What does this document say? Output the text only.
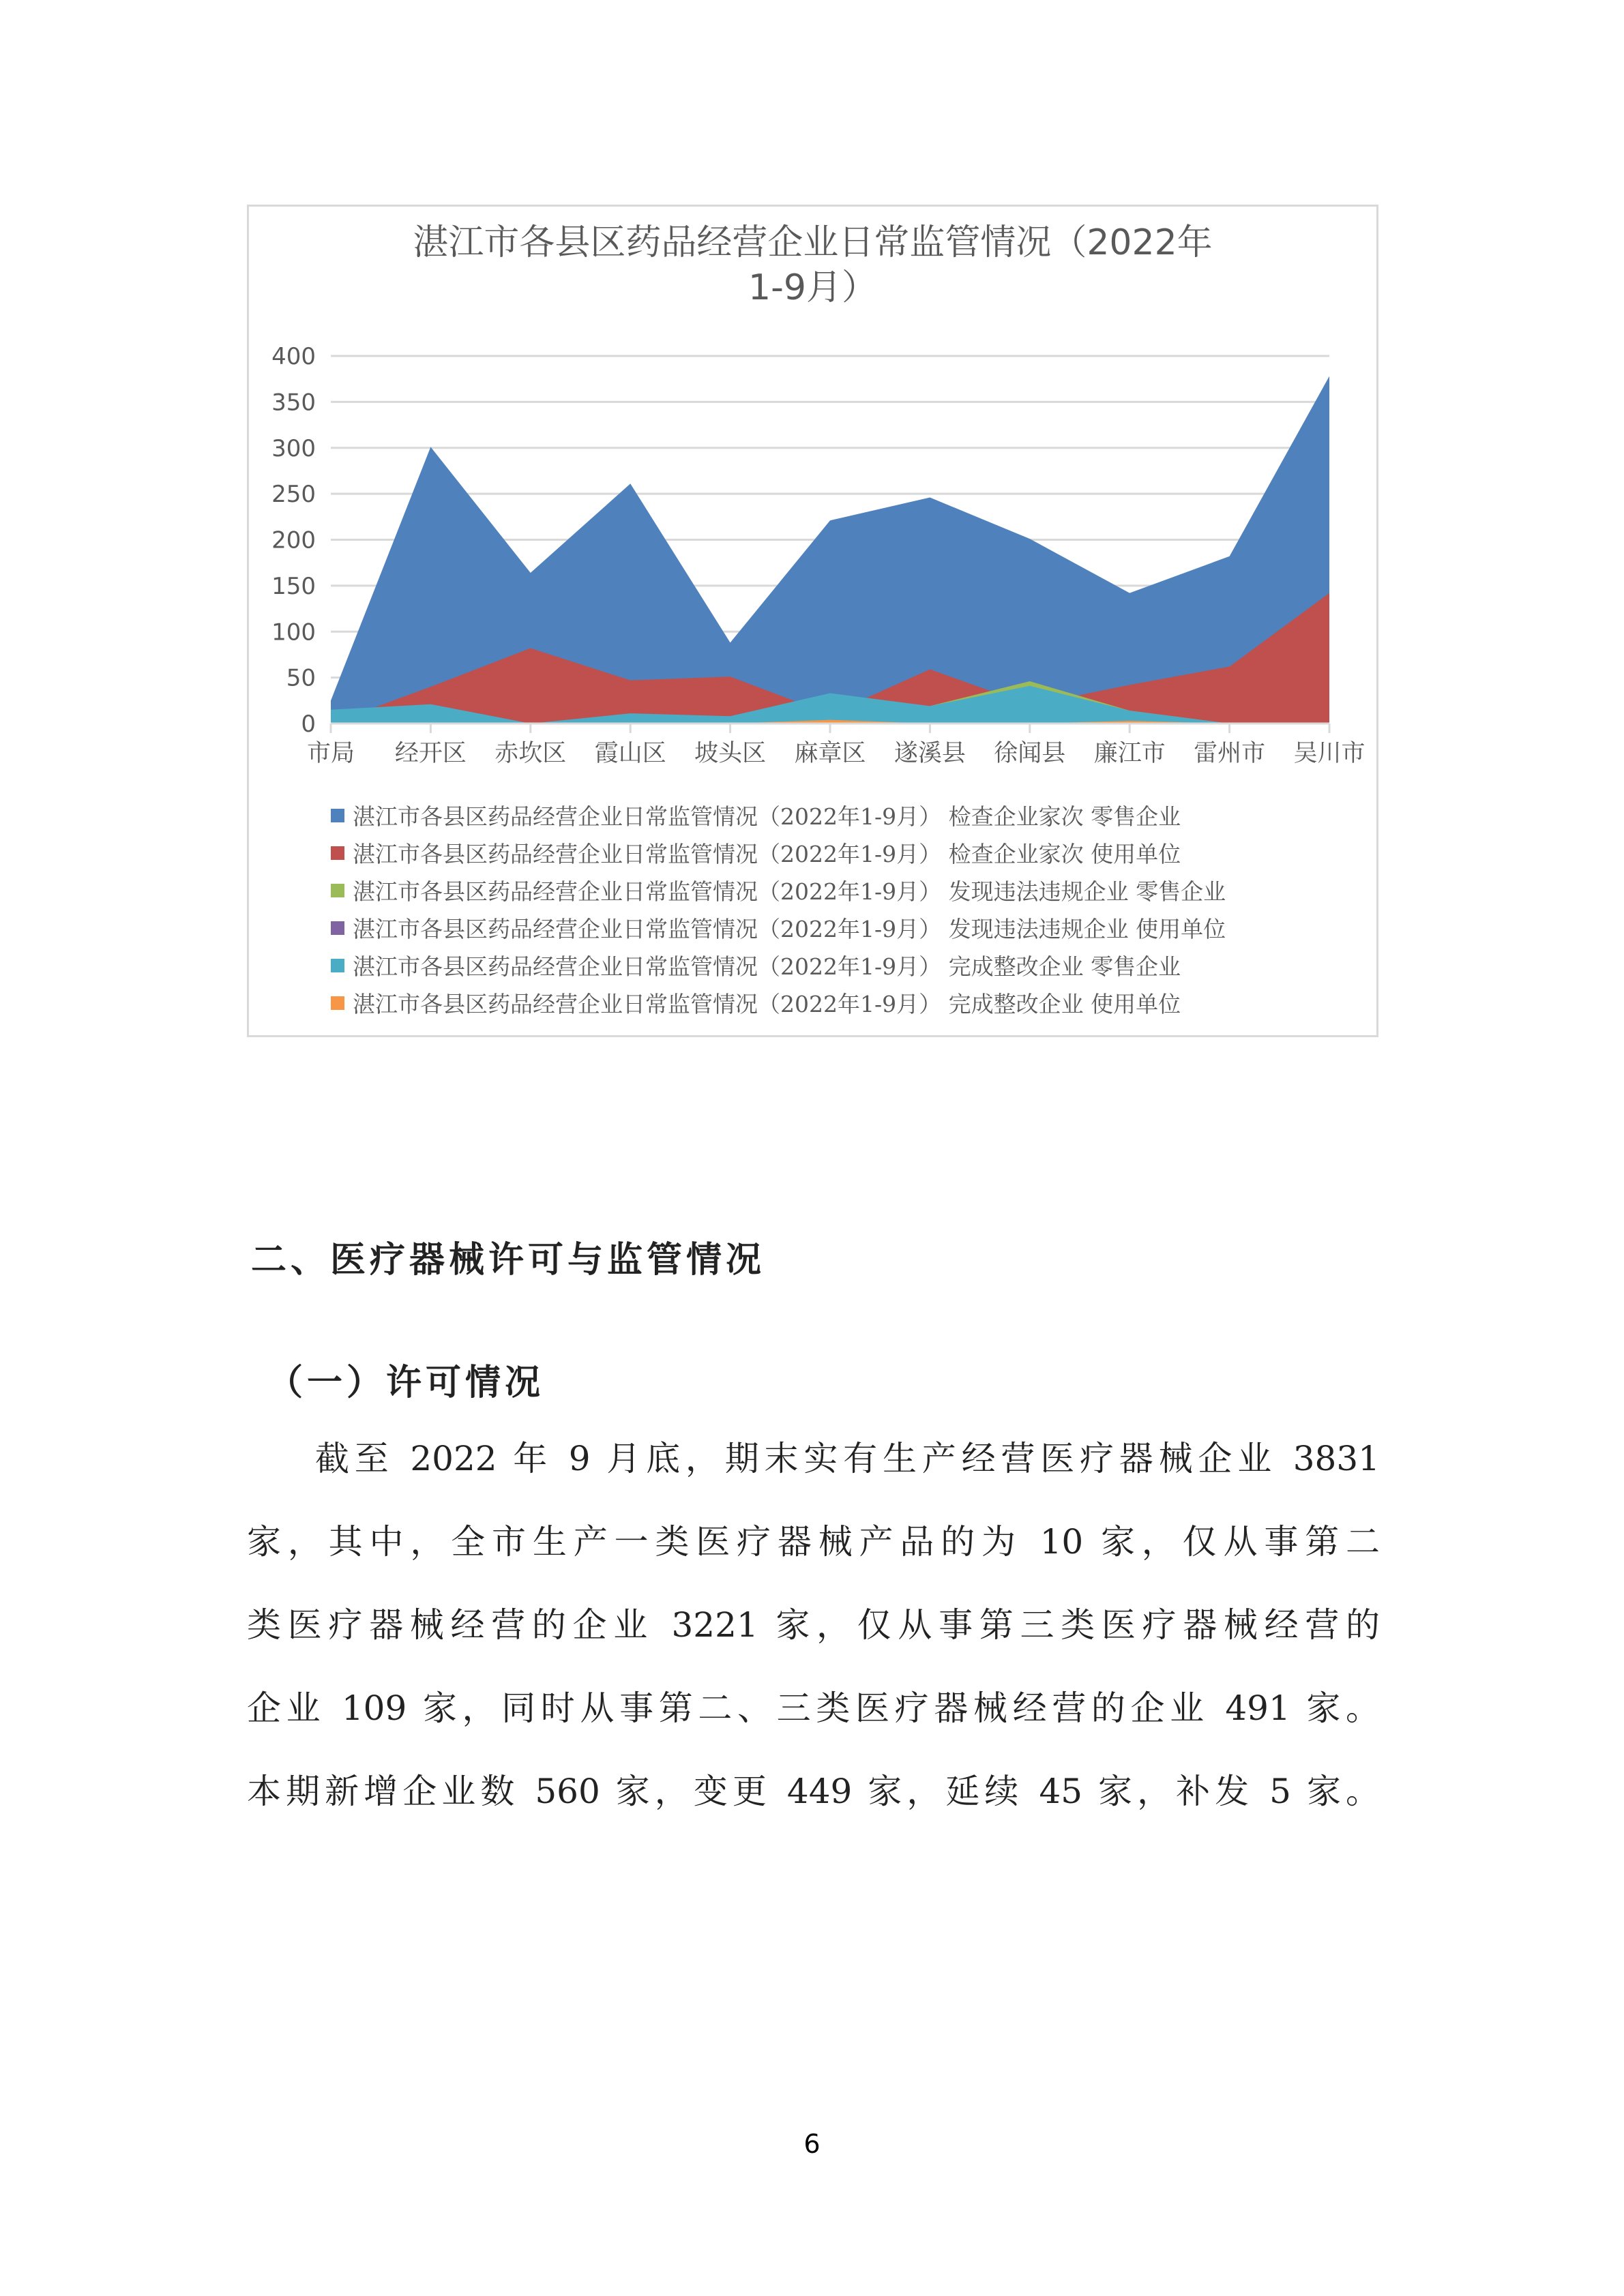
湛江市各县区药品经营企业日常监管情况（2022年
1-9月）
0
50
100
150
200
250
300
350
400
市局 经开区 赤坎区 霞山区 坡头区 麻章区 遂溪县 徐闻县 廉江市 雷州市 吴川市
湛江市各县区药品经营企业日常监管情况（2022年1-9月） 检查企业家次 零售企业
湛江市各县区药品经营企业日常监管情况（2022年1-9月） 检查企业家次 使用单位
湛江市各县区药品经营企业日常监管情况（2022年1-9月） 发现违法违规企业 零售企业
湛江市各县区药品经营企业日常监管情况（2022年1-9月） 发现违法违规企业 使用单位
湛江市各县区药品经营企业日常监管情况（2022年1-9月） 完成整改企业 零售企业
湛江市各县区药品经营企业日常监管情况（2022年1-9月） 完成整改企业 使用单位
二、医疗器械许可与监管情况
（一）许可情况
截至 2022 年 9 月底，期末实有生产经营医疗器械企业 3831
家，其中，全市生产一类医疗器械产品的为 10 家，仅从事第二
类医疗器械经营的企业 3221 家，仅从事第三类医疗器械经营的
企业 109 家，同时从事第二、三类医疗器械经营的企业 491 家。
本期新增企业数 560 家，变更 449 家，延续 45 家，补发 5 家。
6
